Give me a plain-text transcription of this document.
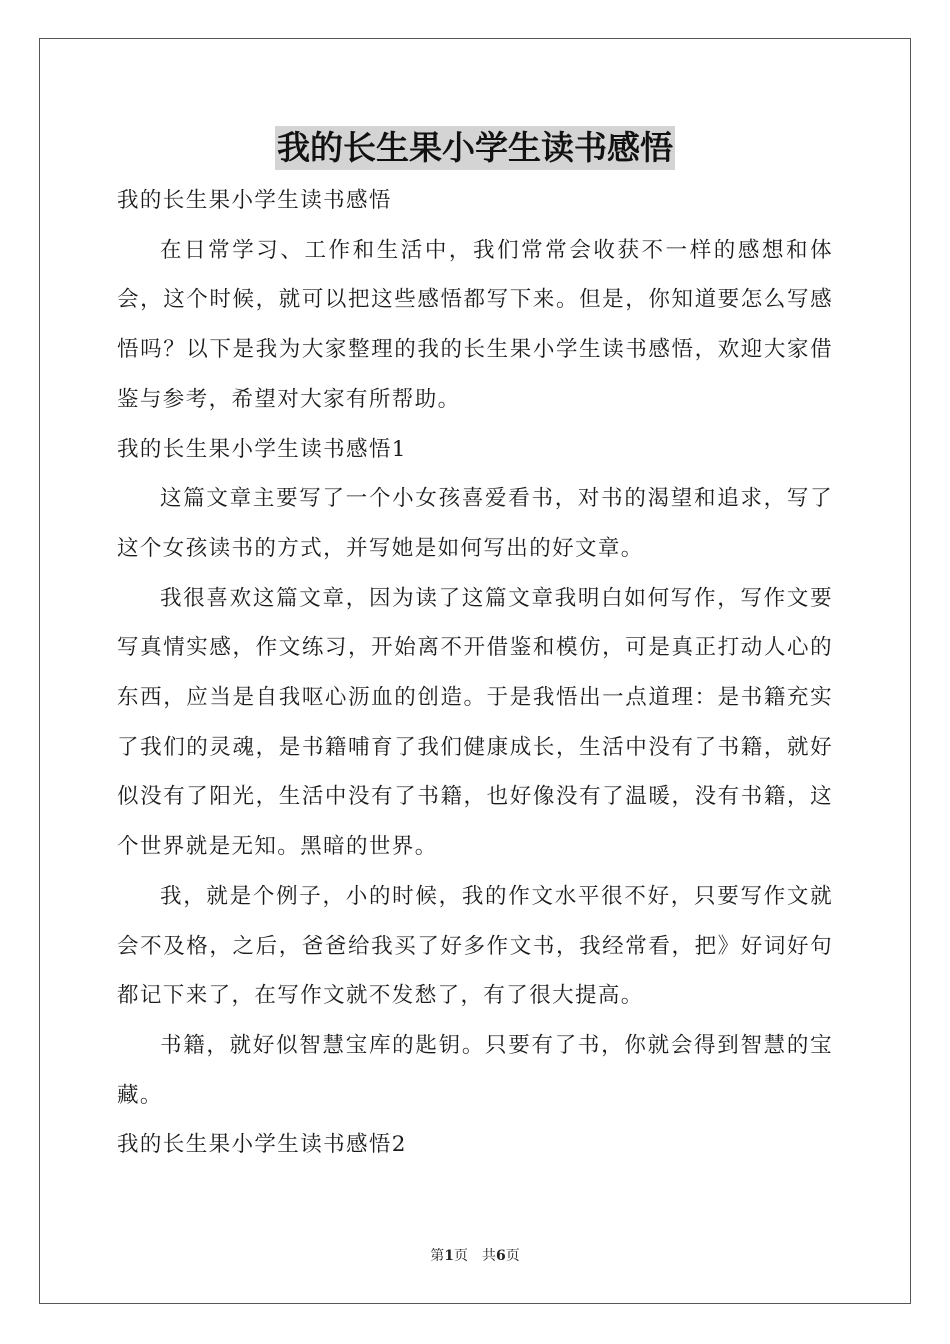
我的长生果小学生读书感悟
我的长生果小学生读书感悟
在日常学习、工作和生活中，我们常常会收获不一样的感想和体会，这个时候，就可以把这些感悟都写下来。但是，你知道要怎么写感悟吗？以下是我为大家整理的我的长生果小学生读书感悟，欢迎大家借鉴与参考，希望对大家有所帮助。
我的长生果小学生读书感悟1
这篇文章主要写了一个小女孩喜爱看书，对书的渴望和追求，写了这个女孩读书的方式，并写她是如何写出的好文章。
我很喜欢这篇文章，因为读了这篇文章我明白如何写作，写作文要写真情实感，作文练习，开始离不开借鉴和模仿，可是真正打动人心的东西，应当是自我呕心沥血的创造。于是我悟出一点道理：是书籍充实了我们的灵魂，是书籍哺育了我们健康成长，生活中没有了书籍，就好似没有了阳光，生活中没有了书籍，也好像没有了温暖，没有书籍，这个世界就是无知。黑暗的世界。
我，就是个例子，小的时候，我的作文水平很不好，只要写作文就会不及格，之后，爸爸给我买了好多作文书，我经常看，把》好词好句都记下来了，在写作文就不发愁了，有了很大提高。
书籍，就好似智慧宝库的匙钥。只要有了书，你就会得到智慧的宝藏。
我的长生果小学生读书感悟2
第1页 共6页
